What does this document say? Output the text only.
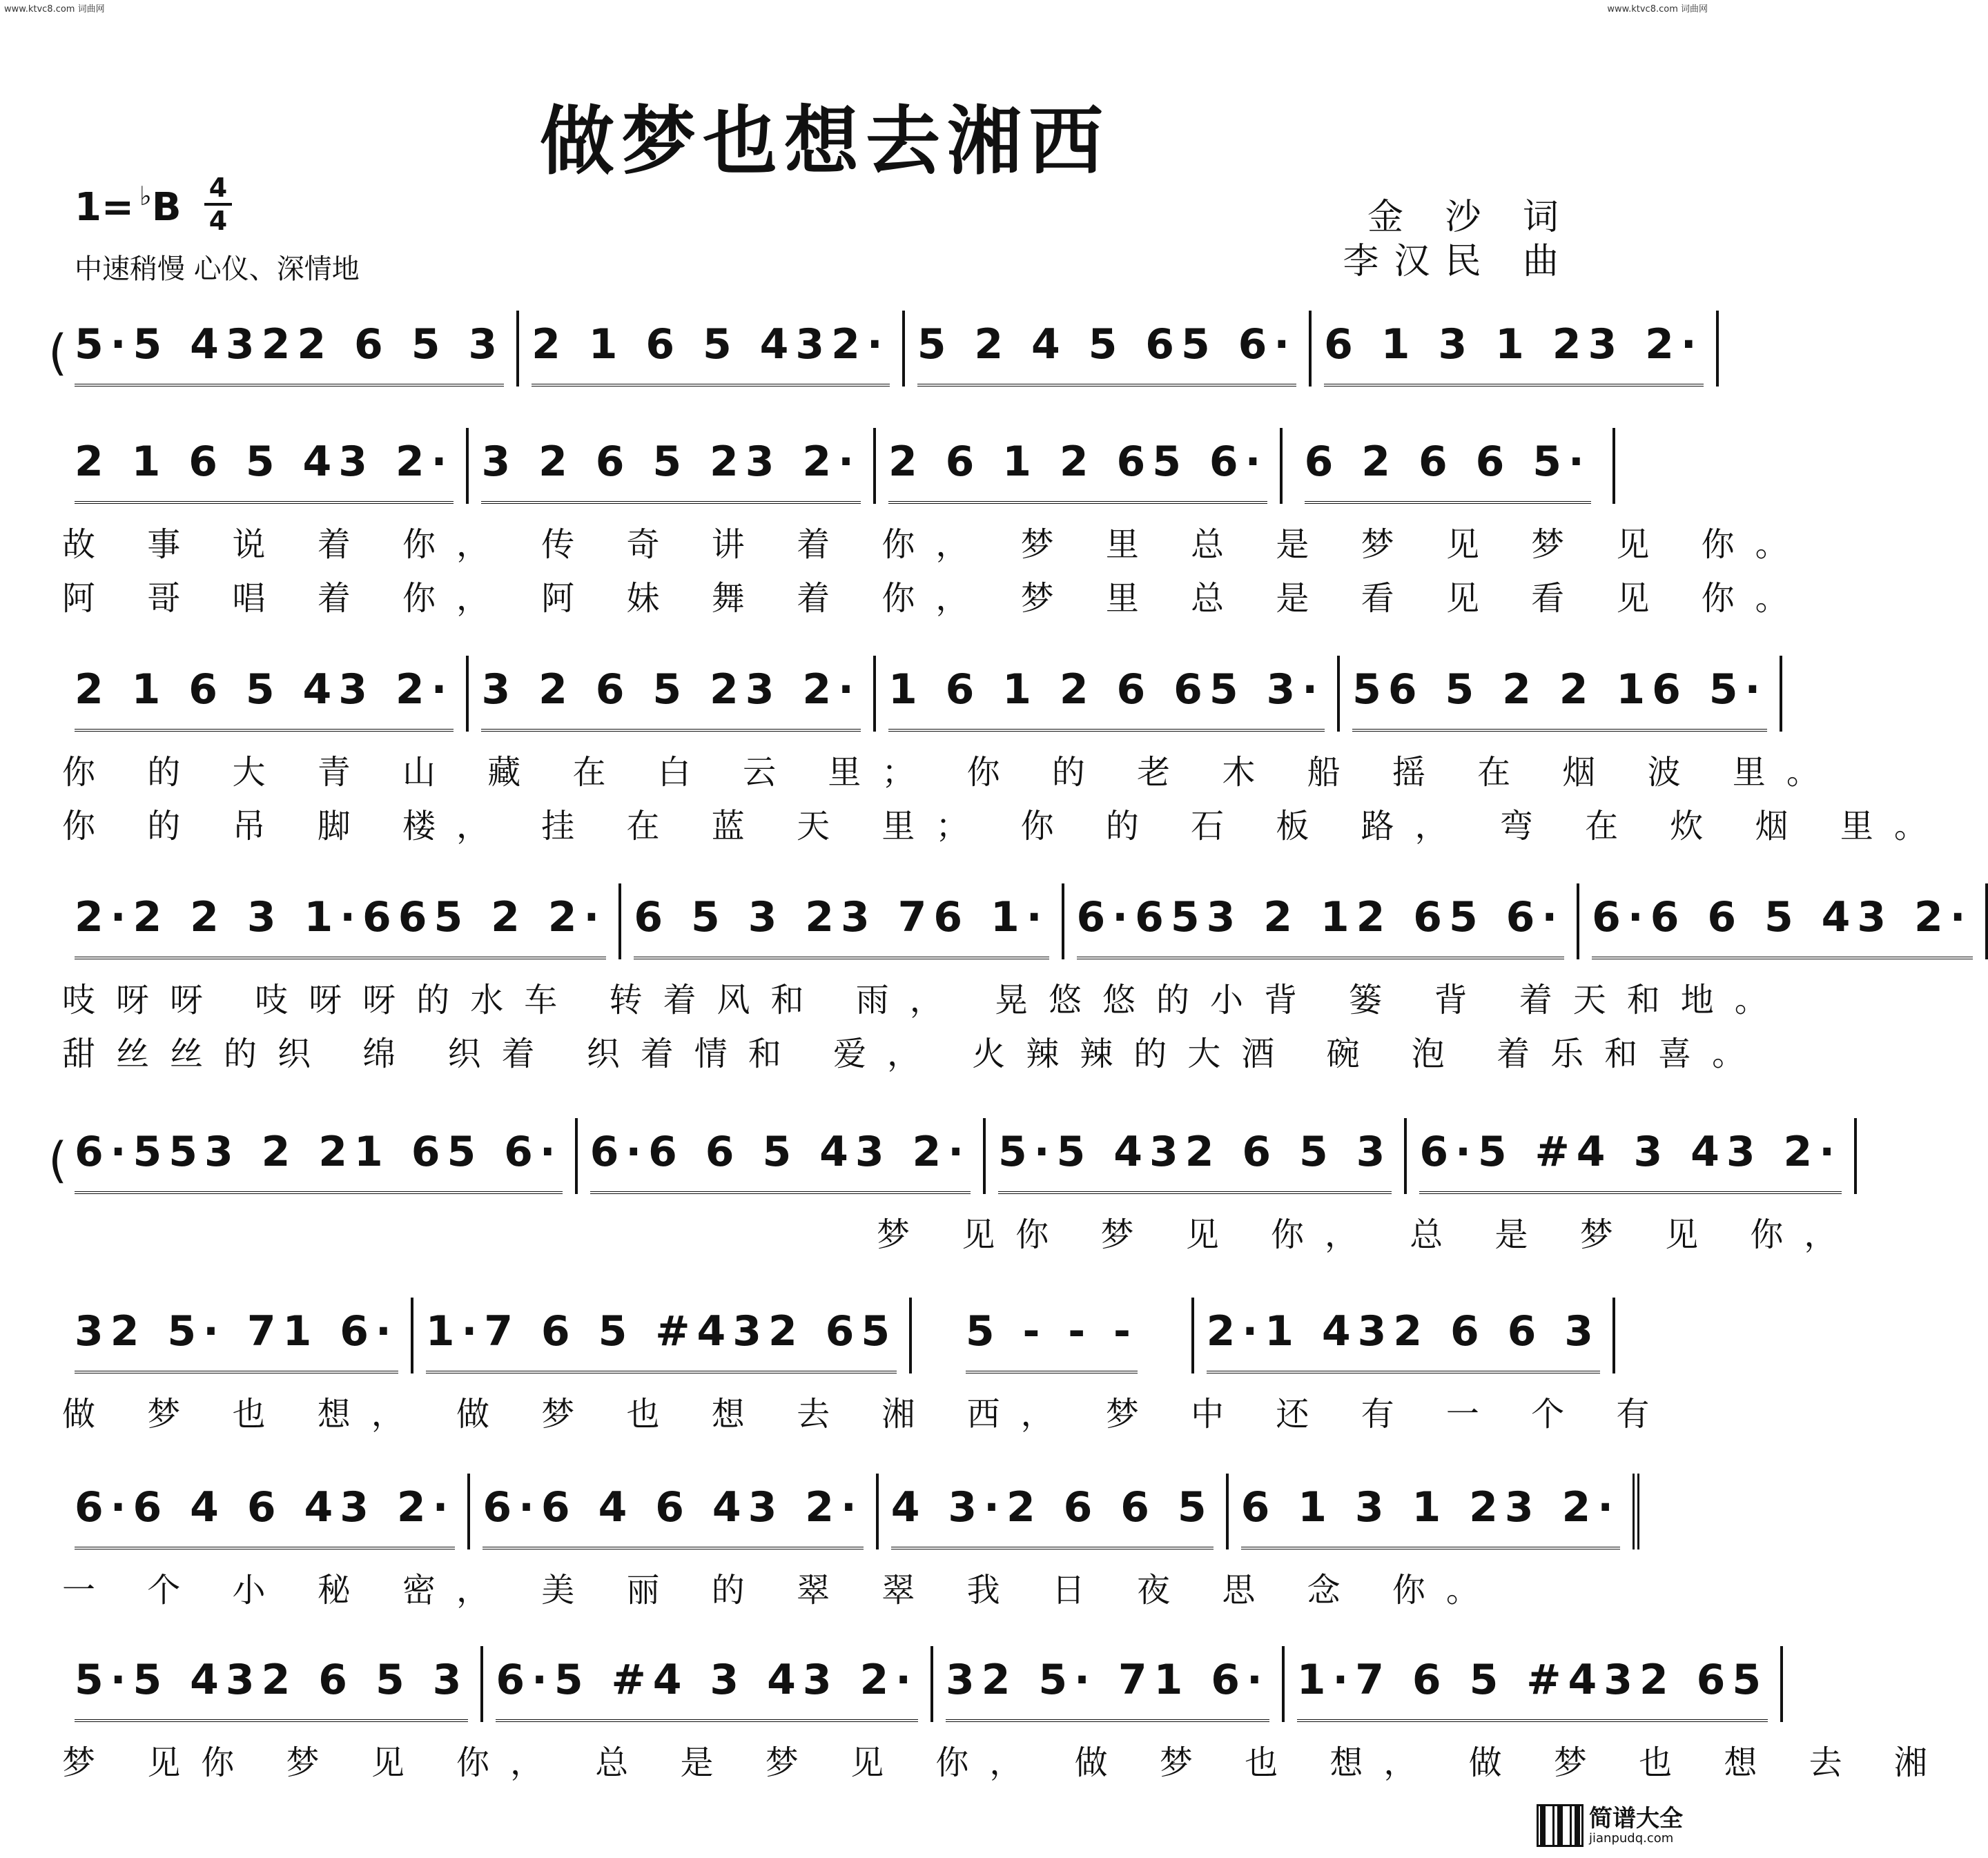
www.ktvc8.com 词曲网	www.ktvc8.com 词曲网
做梦也想去湘西
1= ♭B 4
4
中速稍慢 心仪、深情地
金 沙 词
李汉民 曲
( 5·5 4322 6 5 3 2 1 6 5 432· 5 2 4 5 65 6· 6 1 3 1 23 2·
2 1 6 5 43 2· 3 2 6 5 23 2· 2 6 1 2 65 6· 6 2 6 6 5·
故 事 说 着 你， 传 奇 讲 着 你， 梦 里 总 是 梦 见 梦 见 你。
阿 哥 唱 着 你， 阿 妹 舞 着 你， 梦 里 总 是 看 见 看 见 你。
2 1 6 5 43 2· 3 2 6 5 23 2· 1 6 1 2 6 65 3· 56 5 2 2 16 5·
你 的 大 青 山 藏 在 白 云 里； 你 的 老 木 船 摇 在 烟 波 里。
你 的 吊 脚 楼， 挂 在 蓝 天 里； 你 的 石 板 路， 弯 在 炊 烟 里。
2·2 2 3 1·665 2 2· 6 5 3 23 76 1· 6·653 2 12 65 6· 6·6 6 5 43 2·
吱呀呀 吱呀呀的水车 转着风和 雨， 晃悠悠的小背 篓 背 着天和地。
甜丝丝的织 绵 织着 织着情和 爱， 火辣辣的大酒 碗 泡 着乐和喜。
( 6·553 2 21 65 6· 6·6 6 5 43 2· 5·5 432 6 5 3 6·5 #4 3 43 2·
梦 见你 梦 见 你， 总 是 梦 见 你，
32 5· 71 6· 1·7 6 5 #432 65 5 - - - 2·1 432 6 6 3
做 梦 也 想， 做 梦 也 想 去 湘 西， 梦 中 还 有 一 个 有
6·6 4 6 43 2· 6·6 4 6 43 2· 4 3·2 6 6 5 6 1 3 1 23 2·
一 个 小 秘 密， 美 丽 的 翠 翠 我 日 夜 思 念 你。
5·5 432 6 5 3 6·5 #4 3 43 2· 32 5· 71 6· 1·7 6 5 #432 65
梦 见你 梦 见 你， 总 是 梦 见 你， 做 梦 也 想， 做 梦 也 想 去 湘
简谱大全
jianpudq.com
